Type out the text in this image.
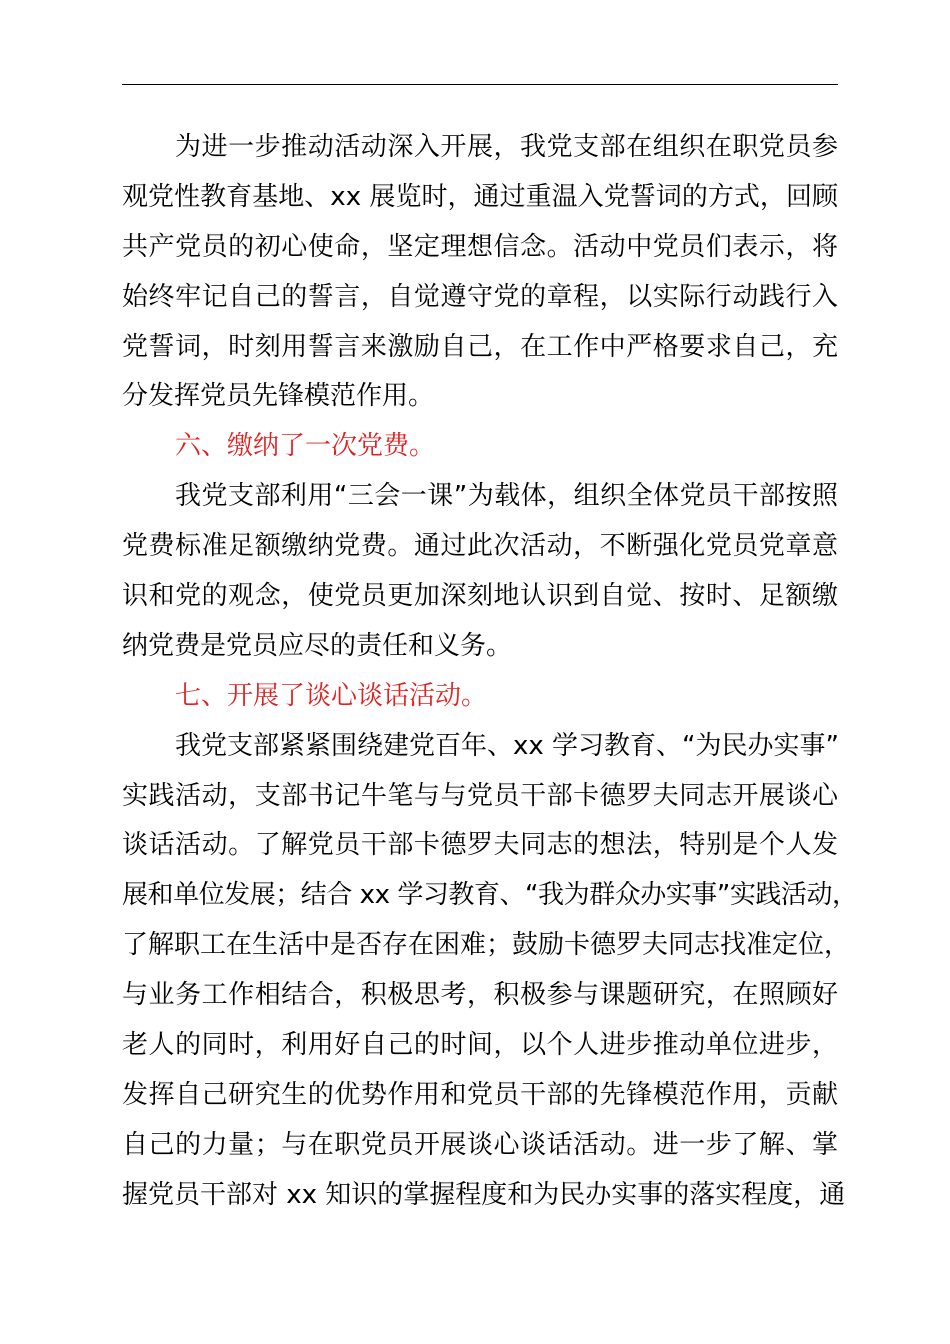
为进一步推动活动深入开展，我党支部在组织在职党员参
观党性教育基地、xx 展览时，通过重温入党誓词的方式，回顾
共产党员的初心使命，坚定理想信念。活动中党员们表示，将
始终牢记自己的誓言，自觉遵守党的章程，以实际行动践行入
党誓词，时刻用誓言来激励自己，在工作中严格要求自己，充
分发挥党员先锋模范作用。
六、缴纳了一次党费。
我党支部利用“三会一课”为载体，组织全体党员干部按照
党费标准足额缴纳党费。通过此次活动，不断强化党员党章意
识和党的观念，使党员更加深刻地认识到自觉、按时、足额缴
纳党费是党员应尽的责任和义务。
七、开展了谈心谈话活动。
我党支部紧紧围绕建党百年、xx 学习教育、“为民办实事”
实践活动，支部书记牛笔与与党员干部卡德罗夫同志开展谈心
谈话活动。了解党员干部卡德罗夫同志的想法，特别是个人发
展和单位发展；结合 xx 学习教育、“我为群众办实事”实践活动，
了解职工在生活中是否存在困难；鼓励卡德罗夫同志找准定位，
与业务工作相结合，积极思考，积极参与课题研究，在照顾好
老人的同时，利用好自己的时间，以个人进步推动单位进步，
发挥自己研究生的优势作用和党员干部的先锋模范作用，贡献
自己的力量；与在职党员开展谈心谈话活动。进一步了解、掌
握党员干部对 xx 知识的掌握程度和为民办实事的落实程度，通
